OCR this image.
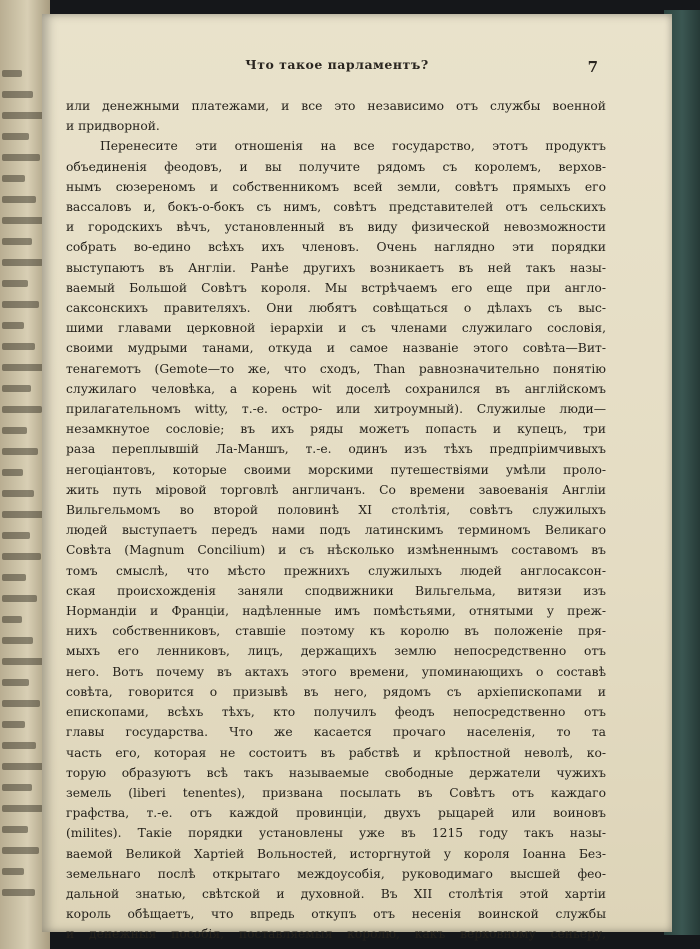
Что такое парламентъ?	7
или денежными платежами, и все это независимо отъ службы военной
и придворной.
Перенесите эти отношенія на все государство, этотъ продуктъ
объединенія феодовъ, и вы получите рядомъ съ королемъ, верхов-
нымъ сюзереномъ и собственникомъ всей земли, совѣтъ прямыхъ его
вассаловъ и, бокъ-о-бокъ съ нимъ, совѣтъ представителей отъ сельскихъ
и городскихъ вѣчъ, установленный въ виду физической невозможности
собрать во-едино всѣхъ ихъ членовъ. Очень наглядно эти порядки
выступаютъ въ Англіи. Ранѣе другихъ возникаетъ въ ней такъ назы-
ваемый Большой Совѣтъ короля. Мы встрѣчаемъ его еще при англо-
саксонскихъ правителяхъ. Они любятъ совѣщаться о дѣлахъ съ выс-
шими главами церковной іерархіи и съ членами служилаго сословія,
своими мудрыми танами, откуда и самое названіе этого совѣта—Вит-
тенагемотъ (Gemote—то же, что сходъ, Than равнозначительно понятію
служилаго человѣка, а корень wit доселѣ сохранился въ англійскомъ
прилагательномъ witty, т.-е. остро- или хитроумный). Служилые люди—
незамкнутое сословіе; въ ихъ ряды можетъ попасть и купецъ, три
раза переплывшій Ла-Маншъ, т.-е. одинъ изъ тѣхъ предпріимчивыхъ
негоціантовъ, которые своими морскими путешествіями умѣли проло-
жить путь міровой торговлѣ англичанъ. Со времени завоеванія Англіи
Вильгельмомъ во второй половинѣ XI столѣтія, совѣтъ служилыхъ
людей выступаетъ передъ нами подъ латинскимъ терминомъ Великаго
Совѣта (Magnum Concilium) и съ нѣсколько измѣненнымъ составомъ въ
томъ смыслѣ, что мѣсто прежнихъ служилыхъ людей англосаксон-
ская происхожденія заняли сподвижники Вильгельма, витязи изъ
Нормандіи и Франціи, надѣленные имъ помѣстьями, отнятыми у преж-
нихъ собственниковъ, ставшіе поэтому къ королю въ положеніе пря-
мыхъ его ленниковъ, лицъ, держащихъ землю непосредственно отъ
него. Вотъ почему въ актахъ этого времени, упоминающихъ о составѣ
совѣта, говорится о призывѣ въ него, рядомъ съ архіепископами и
епископами, всѣхъ тѣхъ, кто получилъ феодъ непосредственно отъ
главы государства. Что же касается прочаго населенія, то та
часть его, которая не состоитъ въ рабствѣ и крѣпостной неволѣ, ко-
торую образуютъ всѣ такъ называемые свободные держатели чужихъ
земель (liberi tenentes), призвана посылать въ Совѣтъ отъ каждаго
графства, т.-е. отъ каждой провинціи, двухъ рыцарей или воиновъ
(milites). Такіе порядки установлены уже въ 1215 году такъ назы-
ваемой Великой Хартіей Вольностей, исторгнутой у короля Іоанна Без-
земельнаго послѣ открытаго междоусобія, руководимаго высшей фео-
дальной знатью, свѣтской и духовной. Въ XII столѣтія этой хартіи
король обѣщаетъ, что впредь откупъ отъ несенія воинской службы
и денежныя пособія, поставляемыя королю, какъ верховному сеньеру,
